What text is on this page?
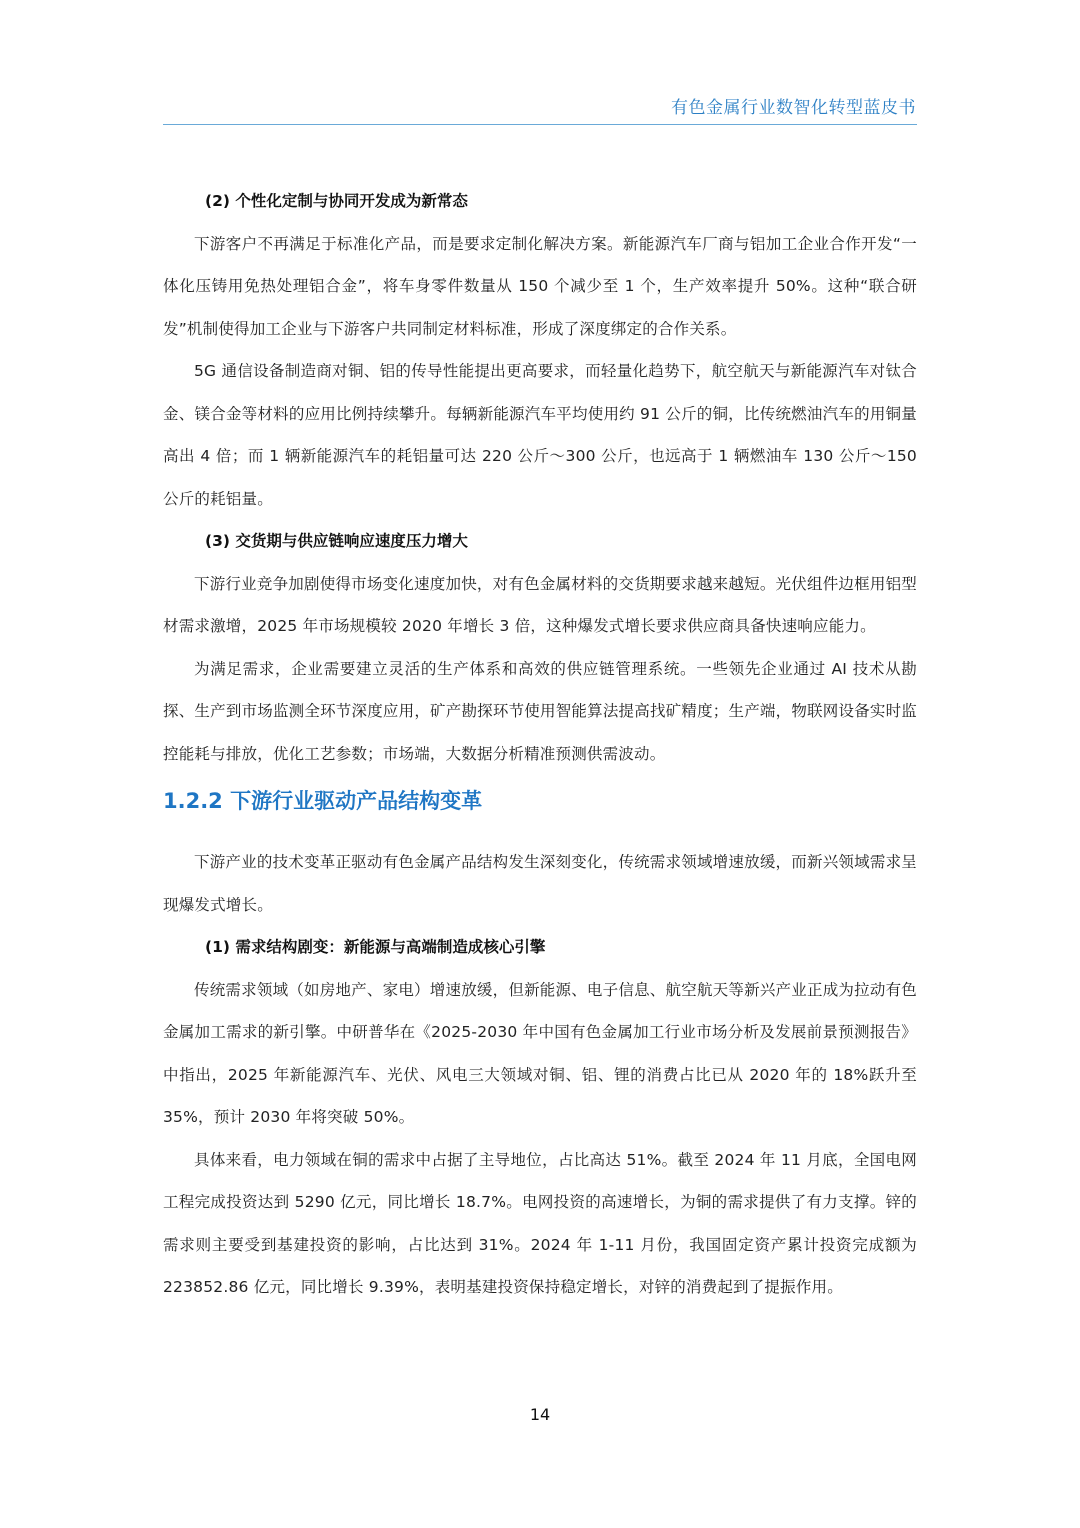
有色金属行业数智化转型蓝皮书

(2) 个性化定制与协同开发成为新常态

下游客户不再满足于标准化产品，而是要求定制化解决方案。新能源汽车厂商与铝加工企业合作开发“一体化压铸用免热处理铝合金”，将车身零件数量从 150 个减少至 1 个，生产效率提升 50%。这种“联合研发”机制使得加工企业与下游客户共同制定材料标准，形成了深度绑定的合作关系。

5G 通信设备制造商对铜、铝的传导性能提出更高要求，而轻量化趋势下，航空航天与新能源汽车对钛合金、镁合金等材料的应用比例持续攀升。每辆新能源汽车平均使用约 91 公斤的铜，比传统燃油汽车的用铜量高出 4 倍；而 1 辆新能源汽车的耗铝量可达 220 公斤～300 公斤，也远高于 1 辆燃油车 130 公斤～150 公斤的耗铝量。

(3) 交货期与供应链响应速度压力增大

下游行业竞争加剧使得市场变化速度加快，对有色金属材料的交货期要求越来越短。光伏组件边框用铝型材需求激增，2025 年市场规模较 2020 年增长 3 倍，这种爆发式增长要求供应商具备快速响应能力。

为满足需求，企业需要建立灵活的生产体系和高效的供应链管理系统。一些领先企业通过 AI 技术从勘探、生产到市场监测全环节深度应用，矿产勘探环节使用智能算法提高找矿精度；生产端，物联网设备实时监控能耗与排放，优化工艺参数；市场端，大数据分析精准预测供需波动。

1.2.2 下游行业驱动产品结构变革

下游产业的技术变革正驱动有色金属产品结构发生深刻变化，传统需求领域增速放缓，而新兴领域需求呈现爆发式增长。

(1) 需求结构剧变：新能源与高端制造成核心引擎

传统需求领域（如房地产、家电）增速放缓，但新能源、电子信息、航空航天等新兴产业正成为拉动有色金属加工需求的新引擎。中研普华在《2025-2030 年中国有色金属加工行业市场分析及发展前景预测报告》中指出，2025 年新能源汽车、光伏、风电三大领域对铜、铝、锂的消费占比已从 2020 年的 18%跃升至 35%，预计 2030 年将突破 50%。

具体来看，电力领域在铜的需求中占据了主导地位，占比高达 51%。截至 2024 年 11 月底，全国电网工程完成投资达到 5290 亿元，同比增长 18.7%。电网投资的高速增长，为铜的需求提供了有力支撑。锌的需求则主要受到基建投资的影响，占比达到 31%。2024 年 1-11 月份，我国固定资产累计投资完成额为 223852.86 亿元，同比增长 9.39%，表明基建投资保持稳定增长，对锌的消费起到了提振作用。

14
